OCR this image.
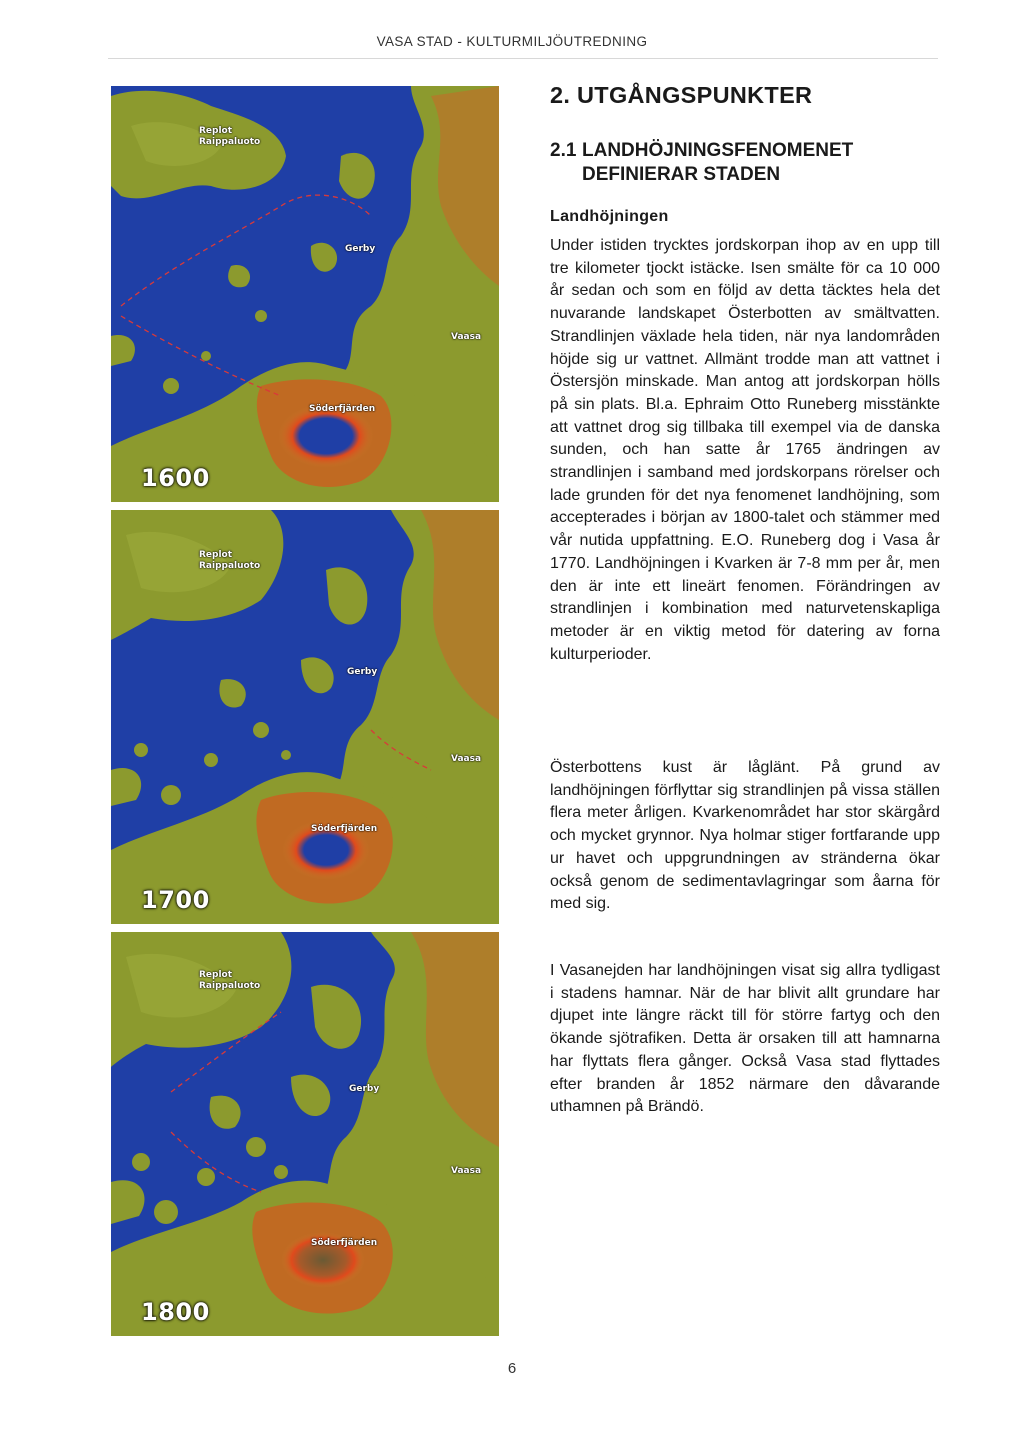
VASA STAD - KULTURMILJÖUTREDNING
Replot
Raippaluoto
Gerby
Vaasa
Söderfjärden
1600
Replot
Raippaluoto
Gerby
Vaasa
Söderfjärden
1700
Replot
Raippaluoto
Gerby
Vaasa
Söderfjärden
1800
2. UTGÅNGSPUNKTER
2.1 LANDHÖJNINGSFENOMENET
DEFINIERAR STADEN
Landhöjningen

Under istiden trycktes jordskorpan ihop av en upp till tre kilometer tjockt istäcke. Isen smälte för ca 10 000 år sedan och som en följd av detta täcktes hela det nuvarande landskapet Österbotten av smältvatten. Strandlinjen växlade hela tiden, när nya landområden höjde sig ur vattnet. Allmänt trodde man att vattnet i Östersjön minskade. Man antog att jordskorpan hölls på sin plats. Bl.a. Ephraim Otto Runeberg misstänkte att vattnet drog sig tillbaka till exempel via de danska sunden, och han satte år 1765 ändringen av strandlinjen i samband med jordskorpans rörelser och lade grunden för det nya fenomenet landhöjning, som accepterades i början av 1800-talet och stämmer med vår nutida uppfattning. E.O. Runeberg dog i Vasa år 1770. Landhöjningen i Kvarken är 7-8 mm per år, men den är inte ett lineärt fenomen. Förändringen av strandlinjen i kombination med naturvetenskapliga metoder är en viktig metod för datering av forna kulturperioder.

Österbottens kust är låglänt. På grund av landhöjningen förflyttar sig strandlinjen på vissa ställen flera meter årligen. Kvarkenområdet har stor skärgård och mycket grynnor. Nya holmar stiger fortfarande upp ur havet och uppgrundningen av stränderna ökar också genom de sedimentavlagringar som åarna för med sig.

I Vasanejden har landhöjningen visat sig allra tydligast i stadens hamnar. När de har blivit allt grundare har djupet inte längre räckt till för större fartyg och den ökande sjötrafiken. Detta är orsaken till att hamnarna har flyttats flera gånger. Också Vasa stad flyttades efter branden år 1852 närmare den dåvarande uthamnen på Brändö.

6
